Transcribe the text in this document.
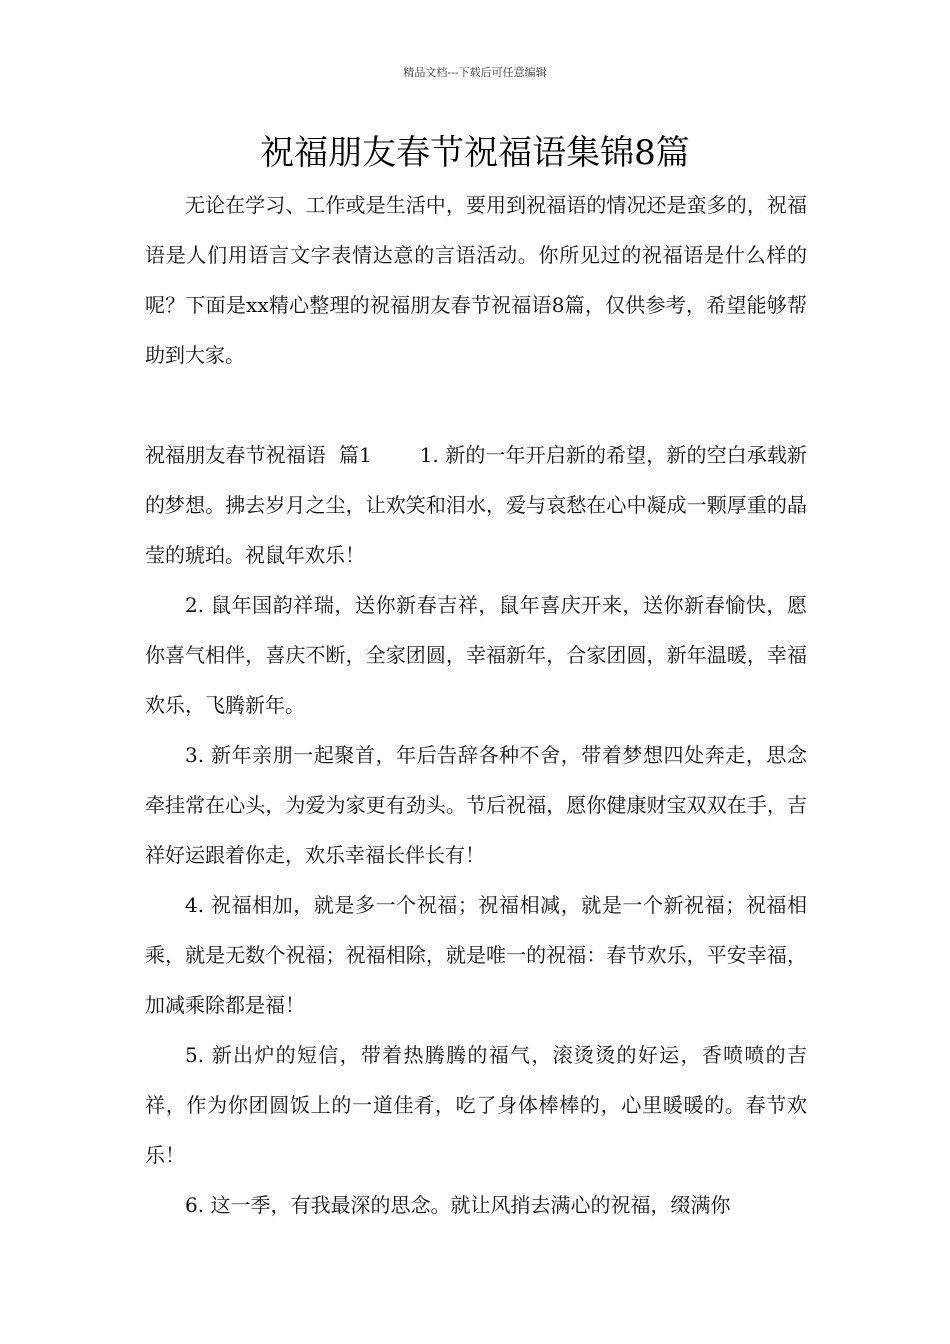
精品文档---下载后可任意编辑
祝福朋友春节祝福语集锦8篇

无论在学习、工作或是生活中，要用到祝福语的情况还是蛮多的，祝福语是人们用语言文字表情达意的言语活动。你所见过的祝福语是什么样的呢？下面是xx精心整理的祝福朋友春节祝福语8篇，仅供参考，希望能够帮助到大家。

祝福朋友春节祝福语  篇1 1. 新的一年开启新的希望，新的空白承载新的梦想。拂去岁月之尘，让欢笑和泪水，爱与哀愁在心中凝成一颗厚重的晶莹的琥珀。祝鼠年欢乐！

2. 鼠年国韵祥瑞，送你新春吉祥，鼠年喜庆开来，送你新春愉快，愿你喜气相伴，喜庆不断，全家团圆，幸福新年，合家团圆，新年温暖，幸福欢乐，飞腾新年。

3. 新年亲朋一起聚首，年后告辞各种不舍，带着梦想四处奔走，思念牵挂常在心头，为爱为家更有劲头。节后祝福，愿你健康财宝双双在手，吉祥好运跟着你走，欢乐幸福长伴长有！

4. 祝福相加，就是多一个祝福；祝福相减，就是一个新祝福；祝福相乘，就是无数个祝福；祝福相除，就是唯一的祝福：春节欢乐，平安幸福，加减乘除都是福！

5. 新出炉的短信，带着热腾腾的福气，滚烫烫的好运，香喷喷的吉祥，作为你团圆饭上的一道佳肴，吃了身体棒棒的，心里暖暖的。春节欢乐！

6. 这一季，有我最深的思念。就让风捎去满心的祝福，缀满你
